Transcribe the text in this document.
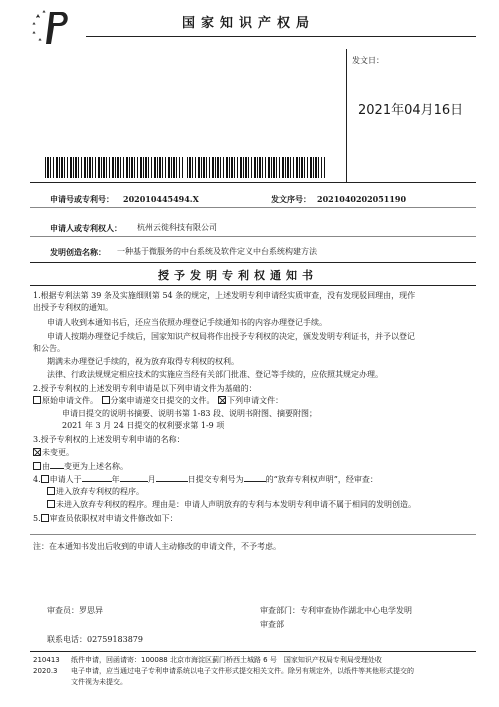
国家知识产权局
发文日：
2021年04月16日
申请号或专利号： 202010445494.X	发文序号： 2021040202051190
申请人或专利权人： 杭州云徙科技有限公司
发明创造名称： 一种基于微服务的中台系统及软件定义中台系统构建方法
授予发明专利权通知书
1.根据专利法第 39 条及实施细则第 54 条的规定，上述发明专利申请经实质审查，没有发现驳回理由，现作
出授予专利权的通知。
申请人收到本通知书后，还应当依照办理登记手续通知书的内容办理登记手续。
申请人按期办理登记手续后，国家知识产权局将作出授予专利权的决定，颁发发明专利证书，并予以登记
和公告。
期满未办理登记手续的，视为放弃取得专利权的权利。
法律、行政法规规定相应技术的实施应当经有关部门批准、登记等手续的，应依照其规定办理。
2.授予专利权的上述发明专利申请是以下列申请文件为基础的：
原始申请文件。 分案申请递交日提交的文件。 下列申请文件：
申请日提交的说明书摘要、说明书第 1-83 段、说明书附图、摘要附图；
2021 年 3 月 24 日提交的权利要求第 1-9 项
3.授予专利权的上述发明专利申请的名称：
未变更。
由 变更为上述名称。
4. 申请人于	年	月	日提交专利号为	的“放弃专利权声明”，经审查：
进入放弃专利权的程序。
未进入放弃专利权的程序。理由是：申请人声明放弃的专利与本发明专利申请不属于相同的发明创造。
5. 审查员依职权对申请文件修改如下：
注：在本通知书发出后收到的申请人主动修改的申请文件，不予考虑。
审查员：罗思异	审查部门：专利审查协作湖北中心电学发明
审查部
联系电话：02759183879
210413
2020.3
纸件申请，回函请寄：100088 北京市海淀区蓟门桥西土城路 6 号　国家知识产权局专利局受理处收
电子申请，应当通过电子专利申请系统以电子文件形式提交相关文件。除另有规定外，以纸件等其他形式提交的
文件视为未提交。
